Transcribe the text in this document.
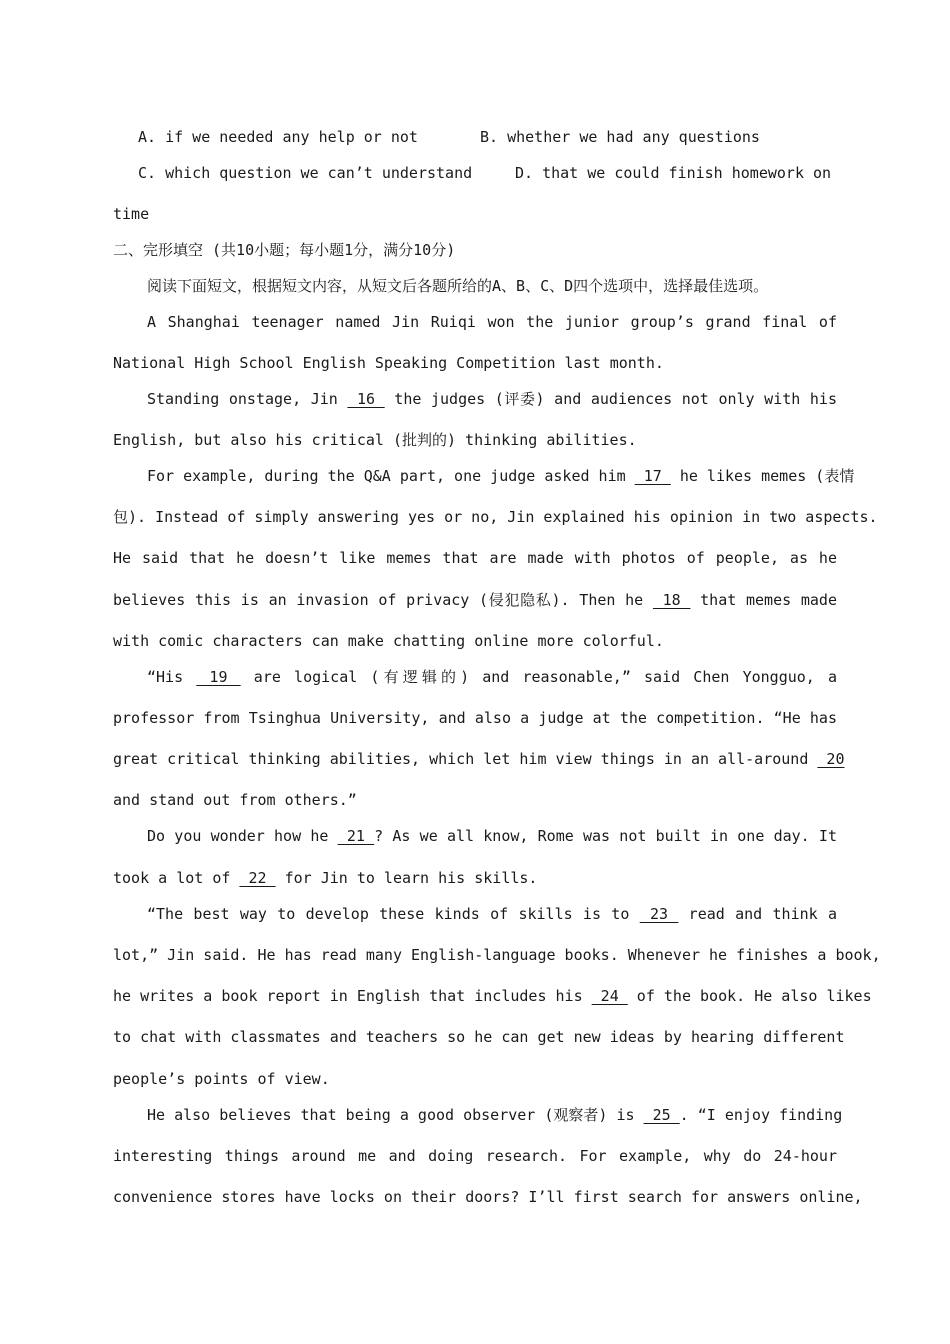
A. if we needed any help or not	B. whether we had any questions
C. which question we can’t understand	D. that we could finish homework on
time
二、完形填空 (共10小题；每小题1分，满分10分)
阅读下面短文，根据短文内容，从短文后各题所给的A、B、C、D四个选项中，选择最佳选项。
A Shanghai teenager named Jin Ruiqi won the junior group’s grand final of
National High School English Speaking Competition last month.
Standing onstage, Jin  16  the judges (评委) and audiences not only with his
English, but also his critical (批判的) thinking abilities.
For example, during the Q&A part, one judge asked him  17  he likes memes (表情
包). Instead of simply answering yes or no, Jin explained his opinion in two aspects.
He said that he doesn’t like memes that are made with photos of people, as he
believes this is an invasion of privacy (侵犯隐私). Then he  18  that memes made
with comic characters can make chatting online more colorful.
“His  19  are logical (有逻辑的) and reasonable,” said Chen Yongguo, a
professor from Tsinghua University, and also a judge at the competition. “He has
great critical thinking abilities, which let him view things in an all-around  20
and stand out from others.”
Do you wonder how he  21 ? As we all know, Rome was not built in one day. It
took a lot of  22  for Jin to learn his skills.
“The best way to develop these kinds of skills is to  23  read and think a
lot,” Jin said. He has read many English-language books. Whenever he finishes a book,
he writes a book report in English that includes his  24  of the book. He also likes
to chat with classmates and teachers so he can get new ideas by hearing different
people’s points of view.
He also believes that being a good observer (观察者) is  25 . “I enjoy finding
interesting things around me and doing research. For example, why do 24-hour
convenience stores have locks on their doors? I’ll first search for answers online,
